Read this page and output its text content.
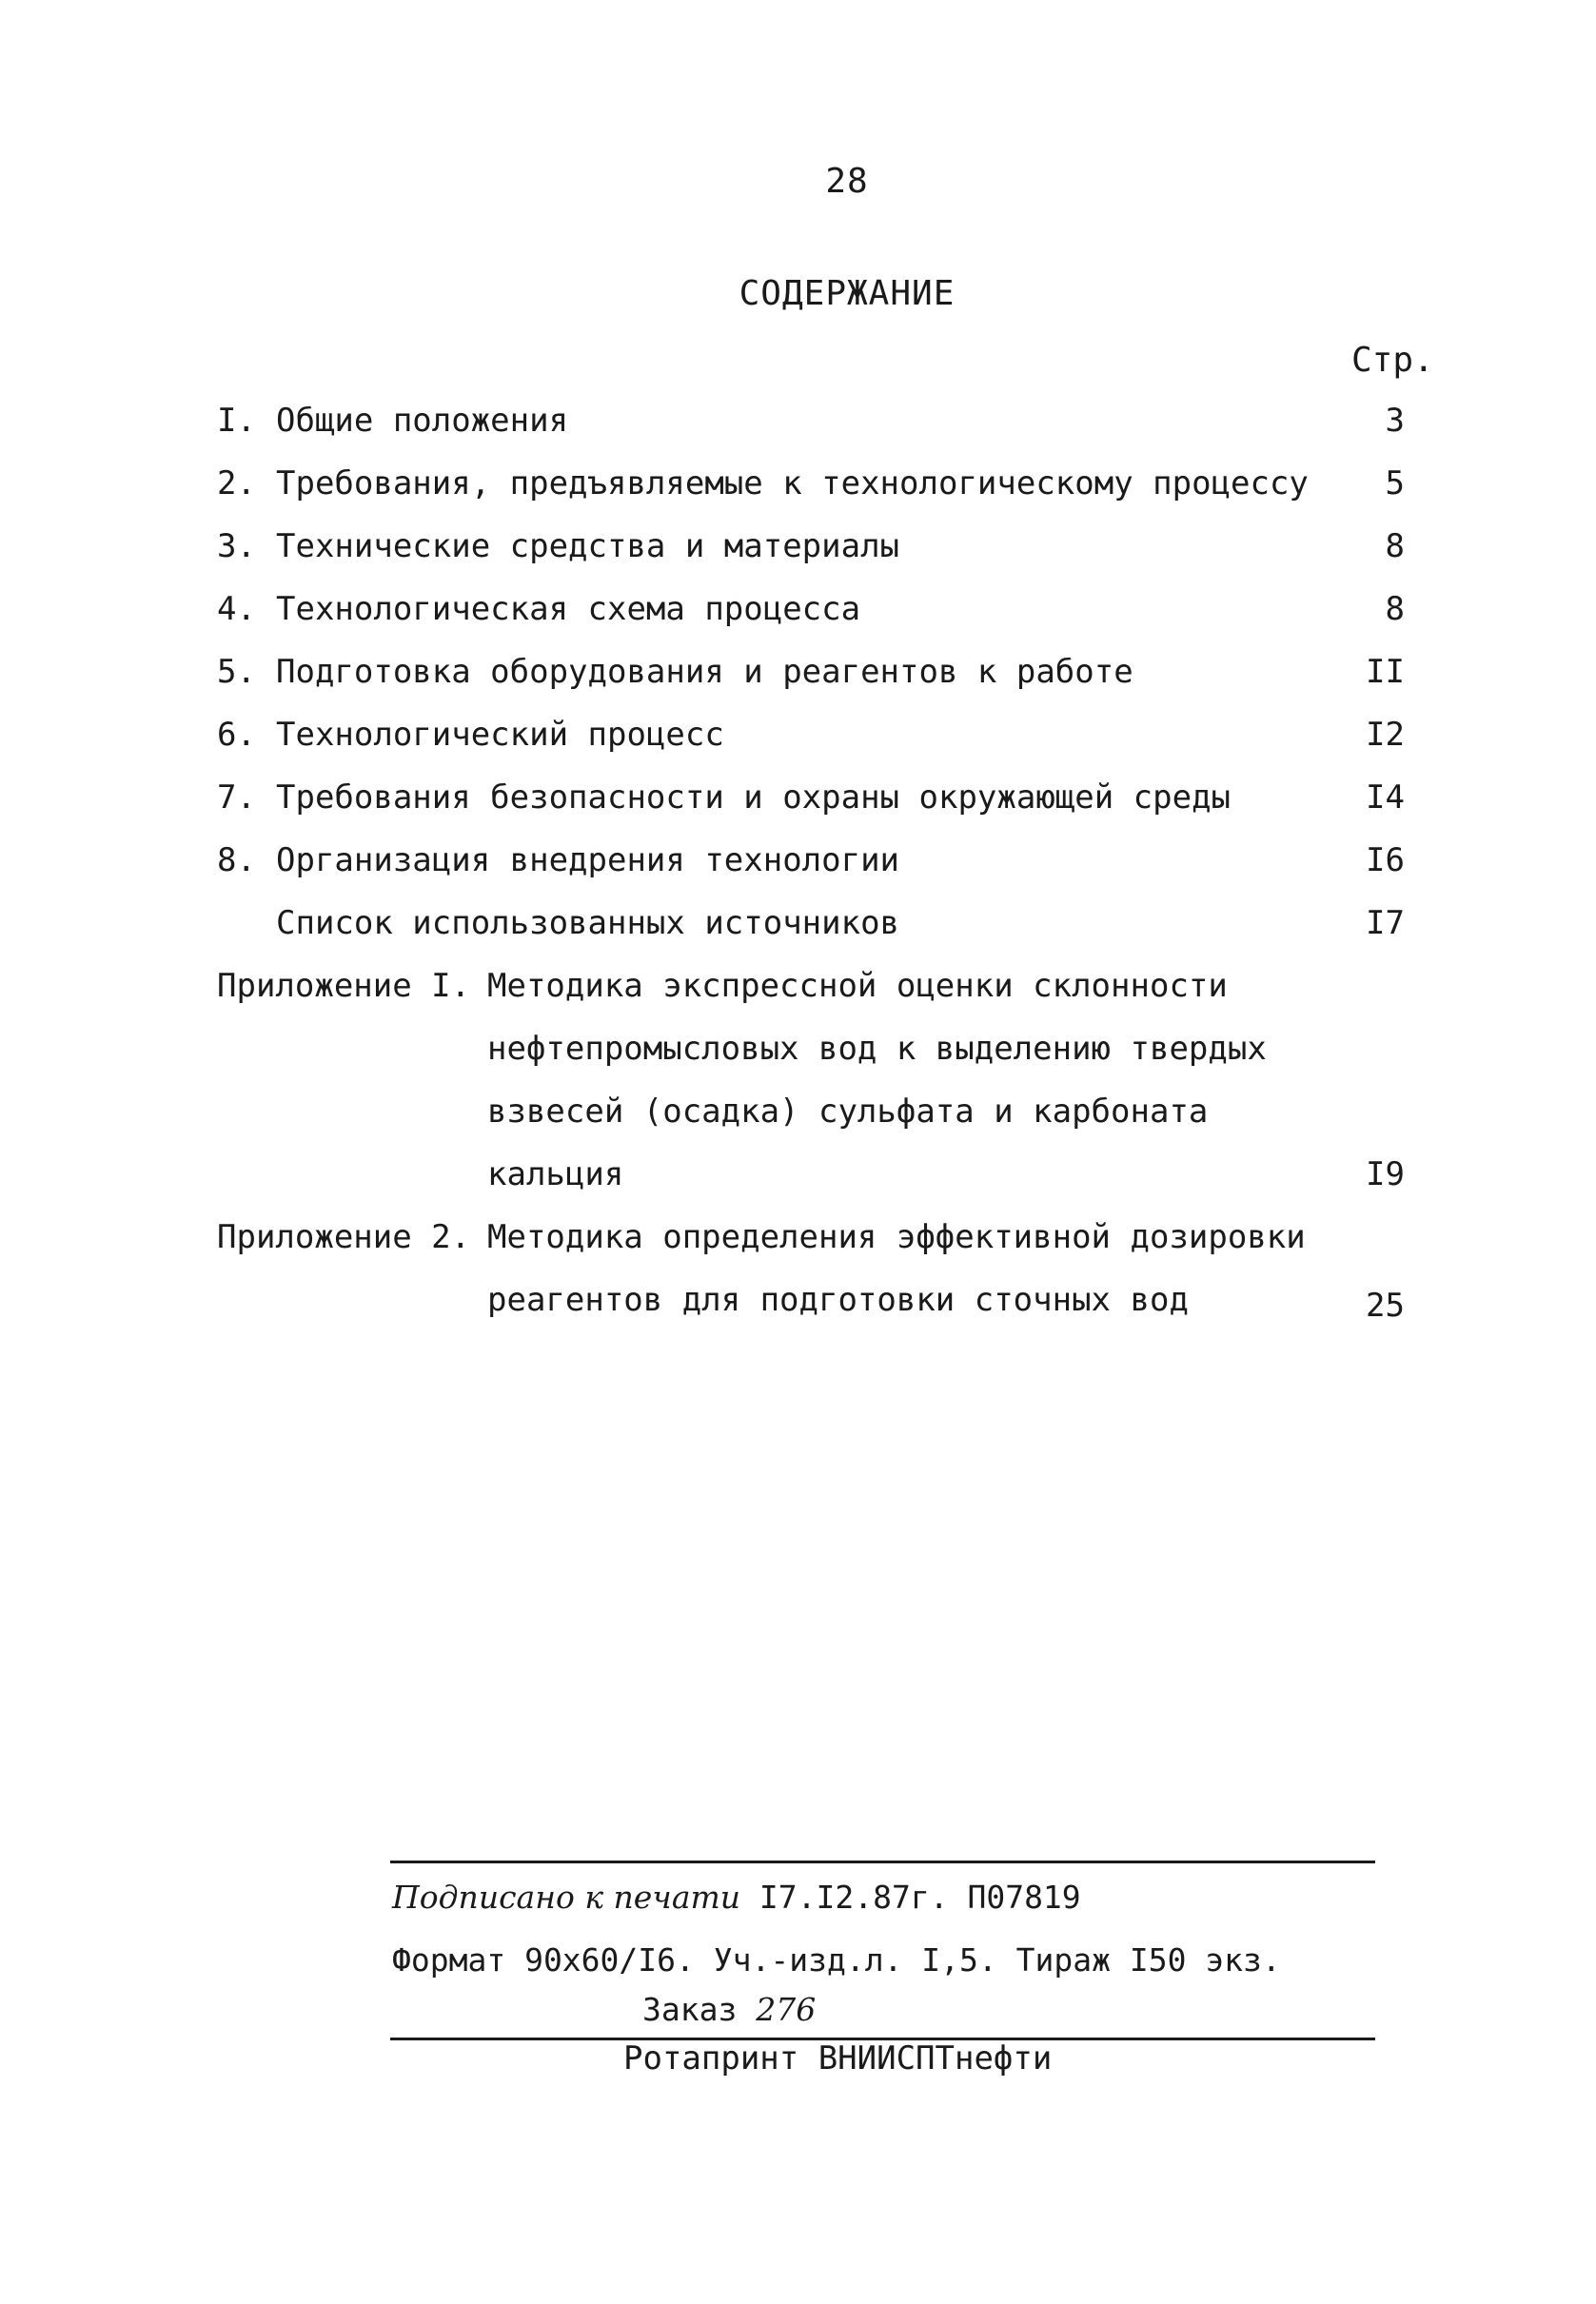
28
СОДЕРЖАНИЕ
Стр.
I. Общие положения	3
2. Требования, предъявляемые к технологическому процессу	5
3. Технические средства и материалы	8
4. Технологическая схема процесса	8
5. Подготовка оборудования и реагентов к работе	II
6. Технологический процесс	I2
7. Требования безопасности и охраны окружающей среды	I4
8. Организация внедрения технологии	I6
Список использованных источников	I7
Приложение I. Методика экспрессной оценки склонности
нефтепромысловых вод к выделению твердых
взвесей (осадка) сульфата и карбоната
кальция	I9
Приложение 2. Методика определения эффективной дозировки
реагентов для подготовки сточных вод	25
Подписано к печати I7.I2.87г. П07819
Формат 90х60/I6. Уч.-изд.л. I,5. Тираж I50 экз.
Заказ 276
Ротапринт ВНИИСПТнефти
